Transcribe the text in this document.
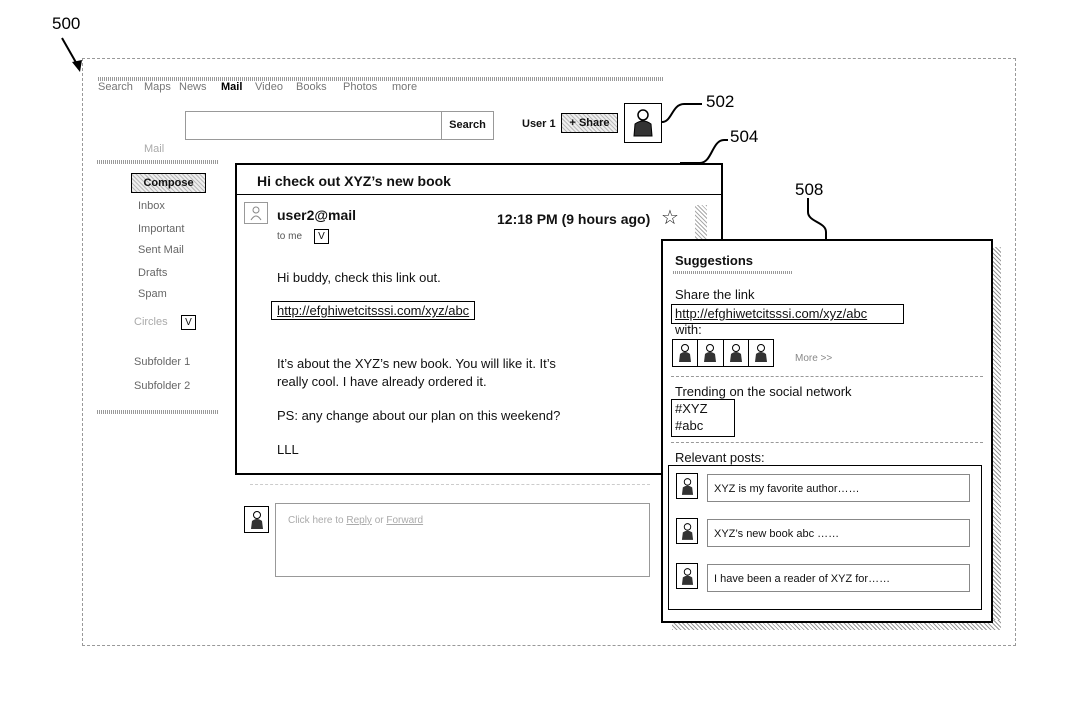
500
502
504
508
Search Maps News Mail Video Books Photos more
Search	User 1	+ Share
Mail
Compose
Inbox
Important
Sent Mail
Drafts
Spam
Circles	V
Subfolder 1
Subfolder 2
Hi check out XYZ’s new book
user2@mail	12:18 PM (9 hours ago) ☆
to me	V
Hi buddy, check this link out.
http://efghiwetcitsssi.com/xyz/abc
It’s about the XYZ’s new book. You will like it. It’s
really cool. I have already ordered it.
PS: any change about our plan on this weekend?
LLL
Click here to Reply or Forward
Suggestions
Share the link
http://efghiwetcitsssi.com/xyz/abc
with:
More >>
Trending on the social network
#XYZ
#abc
Relevant posts:
XYZ is my favorite author……
XYZ’s new book abc ……
I have been a reader of XYZ for……
